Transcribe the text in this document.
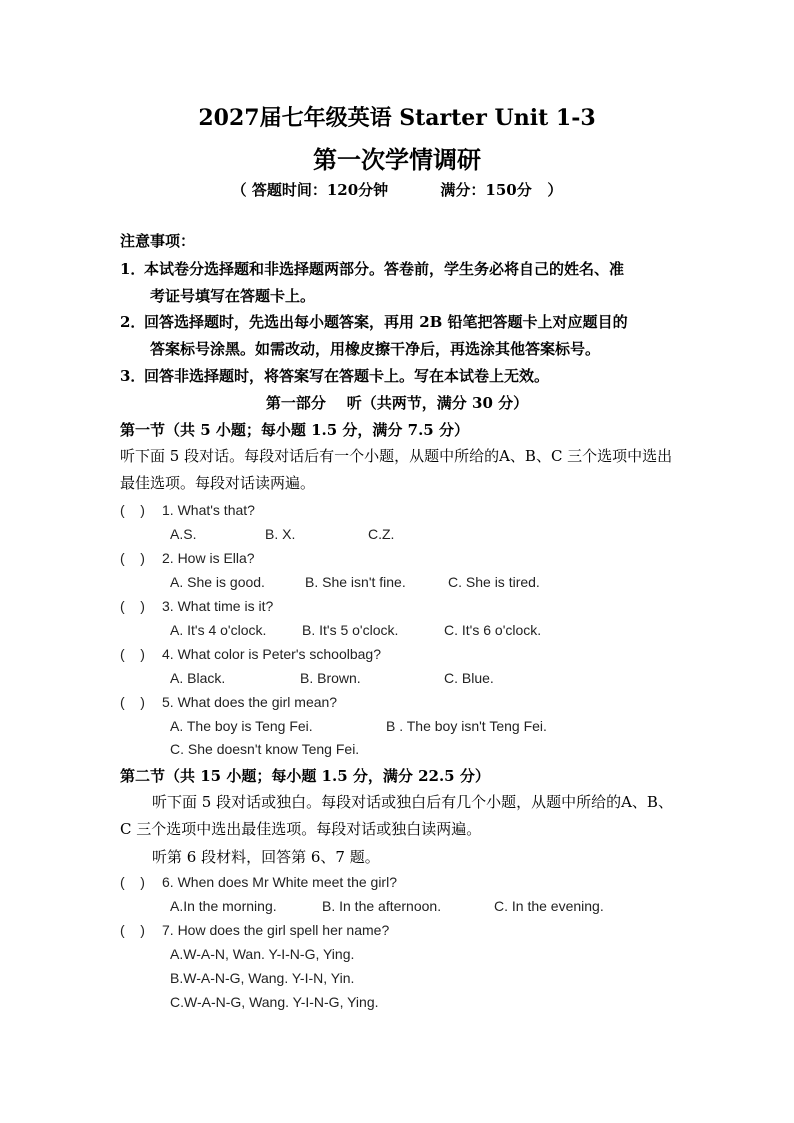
2027届七年级英语 Starter Unit 1-3
第一次学情调研
（ 答题时间：120分钟          满分：150分   ）
注意事项：
1．本试卷分选择题和非选择题两部分。答卷前，学生务必将自己的姓名、准
考证号填写在答题卡上。
2．回答选择题时，先选出每小题答案，再用 2B 铅笔把答题卡上对应题目的
答案标号涂黑。如需改动，用橡皮擦干净后，再选涂其他答案标号。
3．回答非选择题时，将答案写在答题卡上。写在本试卷上无效。
第一部分    听（共两节，满分 30 分）
第一节（共 5 小题；每小题 1.5 分，满分 7.5 分）
听下面 5 段对话。每段对话后有一个小题，从题中所给的A、B、C 三个选项中选出最佳选项。每段对话读两遍。
(    ) 1. What's that?
A.S.	B. X.	C.Z.
(    ) 2. How is Ella?
A. She is good.	B. She isn't fine.	C. She is tired.
(    ) 3. What time is it?
A. It's 4 o'clock.	B. It's 5 o'clock.	C. It's 6 o'clock.
(    ) 4. What color is Peter's schoolbag?
A. Black.	B. Brown.	C. Blue.
(    ) 5. What does the girl mean?
A. The boy is Teng Fei.	B . The boy isn't Teng Fei.
C. She doesn't know Teng Fei.
第二节（共 15 小题；每小题 1.5 分，满分 22.5 分）
听下面 5 段对话或独白。每段对话或独白后有几个小题，从题中所给的A、B、C 三个选项中选出最佳选项。每段对话或独白读两遍。
听第 6 段材料，回答第 6、7 题。
(    ) 6. When does Mr White meet the girl?
A.In the morning.	B. In the afternoon.	C. In the evening.
(    ) 7. How does the girl spell her name?
A.W-A-N, Wan. Y-I-N-G, Ying.
B.W-A-N-G, Wang. Y-I-N, Yin.
C.W-A-N-G, Wang. Y-I-N-G, Ying.
